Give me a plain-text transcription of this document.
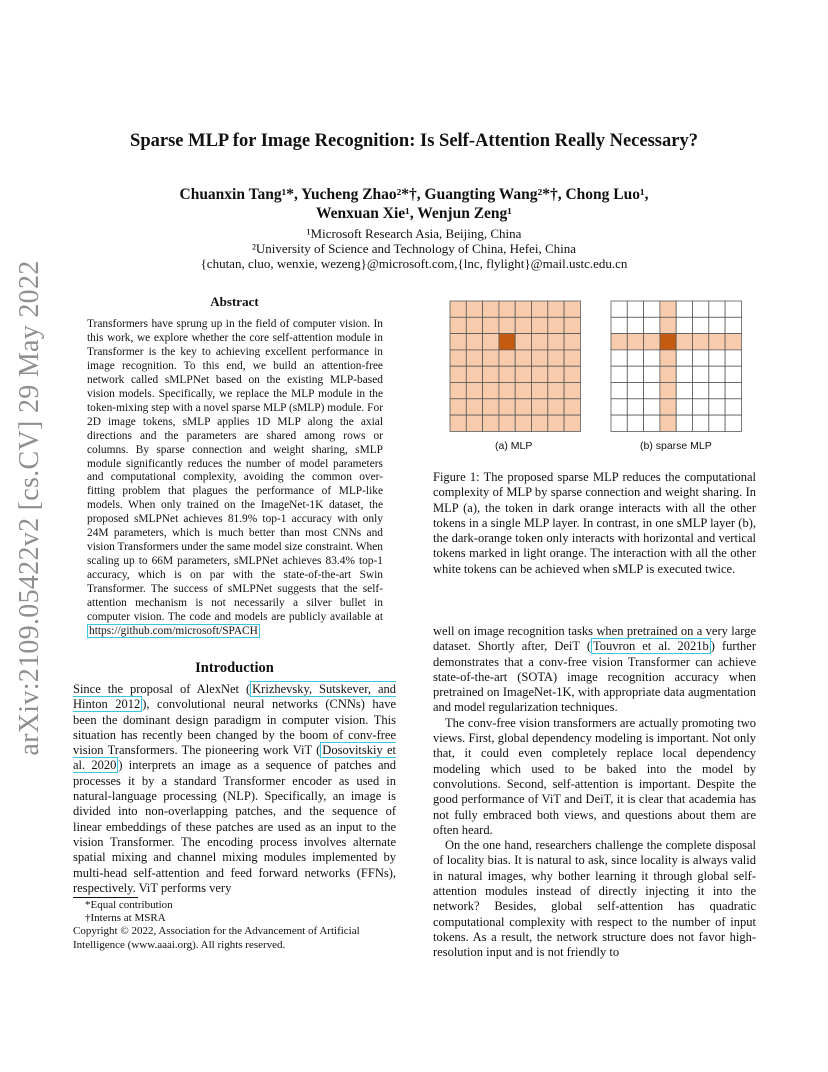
arXiv:2109.05422v2 [cs.CV] 29 May 2022
Sparse MLP for Image Recognition: Is Self-Attention Really Necessary?
Chuanxin Tang¹*, Yucheng Zhao²*†, Guangting Wang²*†, Chong Luo¹,
Wenxuan Xie¹, Wenjun Zeng¹
¹Microsoft Research Asia, Beijing, China
²University of Science and Technology of China, Hefei, China
{chutan, cluo, wenxie, wezeng}@microsoft.com,{lnc, flylight}@mail.ustc.edu.cn
Abstract
Transformers have sprung up in the field of computer vision. In this work, we explore whether the core self-attention module in Transformer is the key to achieving excellent performance in image recognition. To this end, we build an attention-free network called sMLPNet based on the existing MLP-based vision models. Specifically, we replace the MLP module in the token-mixing step with a novel sparse MLP (sMLP) module. For 2D image tokens, sMLP applies 1D MLP along the axial directions and the parameters are shared among rows or columns. By sparse connection and weight sharing, sMLP module significantly reduces the number of model parameters and computational complexity, avoiding the common over-fitting problem that plagues the performance of MLP-like models. When only trained on the ImageNet-1K dataset, the proposed sMLPNet achieves 81.9% top-1 accuracy with only 24M parameters, which is much better than most CNNs and vision Transformers under the same model size constraint. When scaling up to 66M parameters, sMLPNet achieves 83.4% top-1 accuracy, which is on par with the state-of-the-art Swin Transformer. The success of sMLPNet suggests that the self-attention mechanism is not necessarily a silver bullet in computer vision. The code and models are publicly available at https://github.com/microsoft/SPACH
(a) MLP	(b) sparse MLP
Figure 1: The proposed sparse MLP reduces the computational complexity of MLP by sparse connection and weight sharing. In MLP (a), the token in dark orange interacts with all the other tokens in a single MLP layer. In contrast, in one sMLP layer (b), the dark-orange token only interacts with horizontal and vertical tokens marked in light orange. The interaction with all the other white tokens can be achieved when sMLP is executed twice.
Introduction

Since the proposal of AlexNet ( Krizhevsky, Sutskever, and Hinton 2012 ), convolutional neural networks (CNNs) have been the dominant design paradigm in computer vision. This situation has recently been changed by the boom of conv-free vision Transformers. The pioneering work ViT ( Dosovitskiy et al. 2020 ) interprets an image as a sequence of patches and processes it by a standard Transformer encoder as used in natural-language processing (NLP). Specifically, an image is divided into non-overlapping patches, and the sequence of linear embeddings of these patches are used as an input to the vision Transformer. The encoding process involves alternate spatial mixing and channel mixing modules implemented by multi-head self-attention and feed forward networks (FFNs), respectively. ViT performs very

*Equal contribution
†Interns at MSRA
Copyright © 2022, Association for the Advancement of Artificial Intelligence (www.aaai.org). All rights reserved.

well on image recognition tasks when pretrained on a very large dataset. Shortly after, DeiT ( Touvron et al. 2021b ) further demonstrates that a conv-free vision Transformer can achieve state-of-the-art (SOTA) image recognition accuracy when pretrained on ImageNet-1K, with appropriate data augmentation and model regularization techniques.

The conv-free vision transformers are actually promoting two views. First, global dependency modeling is important. Not only that, it could even completely replace local dependency modeling which used to be baked into the model by convolutions. Second, self-attention is important. Despite the good performance of ViT and DeiT, it is clear that academia has not fully embraced both views, and questions about them are often heard.

On the one hand, researchers challenge the complete disposal of locality bias. It is natural to ask, since locality is always valid in natural images, why bother learning it through global self-attention modules instead of directly injecting it into the network? Besides, global self-attention has quadratic computational complexity with respect to the number of input tokens. As a result, the network structure does not favor high-resolution input and is not friendly to
